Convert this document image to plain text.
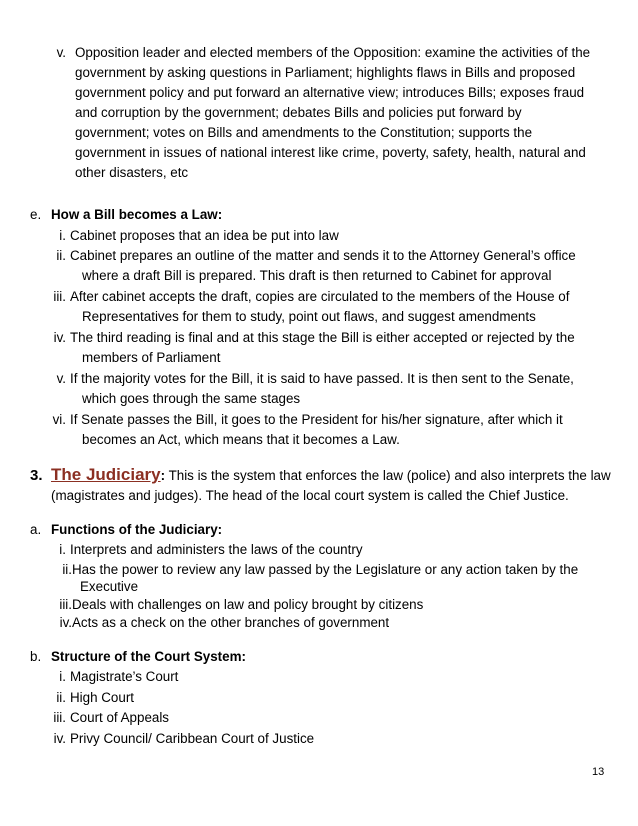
v. Opposition leader and elected members of the Opposition: examine the activities of the
government by asking questions in Parliament; highlights flaws in Bills and proposed
government policy and put forward an alternative view; introduces Bills; exposes fraud
and corruption by the government; debates Bills and policies put forward by
government; votes on Bills and amendments to the Constitution; supports the
government in issues of national interest like crime, poverty, safety, health, natural and
other disasters, etc
e. How a Bill becomes a Law:
i. Cabinet proposes that an idea be put into law
ii. Cabinet prepares an outline of the matter and sends it to the Attorney General’s office
where a draft Bill is prepared. This draft is then returned to Cabinet for approval
iii. After cabinet accepts the draft, copies are circulated to the members of the House of
Representatives for them to study, point out flaws, and suggest amendments
iv. The third reading is final and at this stage the Bill is either accepted or rejected by the
members of Parliament
v. If the majority votes for the Bill, it is said to have passed. It is then sent to the Senate,
which goes through the same stages
vi. If Senate passes the Bill, it goes to the President for his/her signature, after which it
becomes an Act, which means that it becomes a Law.
3. The Judiciary: This is the system that enforces the law (police) and also interprets the law
(magistrates and judges). The head of the local court system is called the Chief Justice.
a. Functions of the Judiciary:
i. Interprets and administers the laws of the country
ii. Has the power to review any law passed by the Legislature or any action taken by the
Executive
iii. Deals with challenges on law and policy brought by citizens
iv. Acts as a check on the other branches of government
b. Structure of the Court System:
i. Magistrate’s Court
ii. High Court
iii. Court of Appeals
iv. Privy Council/ Caribbean Court of Justice
13
